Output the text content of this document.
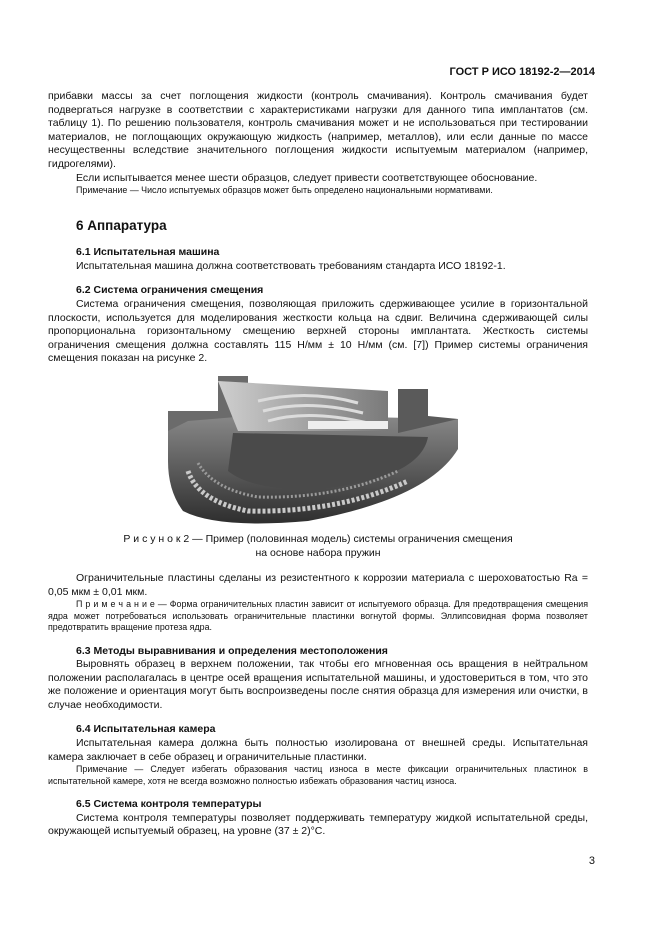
ГОСТ Р ИСО 18192-2—2014

прибавки массы за счет поглощения жидкости (контроль смачивания). Контроль смачивания будет подвергаться нагрузке в соответствии с характеристиками нагрузки для данного типа имплантатов (см. таблицу 1). По решению пользователя, контроль смачивания может и не использоваться при тестировании материалов, не поглощающих окружающую жидкость (например, металлов), или если данные по массе несущественны вследствие значительного поглощения жидкости испытуемым материалом (например, гидрогелями).

Если испытывается менее шести образцов, следует привести соответствующее обоснование.

Примечание — Число испытуемых образцов может быть определено национальными нормативами.

6 Аппаратура

6.1 Испытательная машина

Испытательная машина должна соответствовать требованиям стандарта ИСО 18192-1.

6.2 Система ограничения смещения

Система ограничения смещения, позволяющая приложить сдерживающее усилие в горизонтальной плоскости, используется для моделирования жесткости кольца на сдвиг. Величина сдерживающей силы пропорциональна горизонтальному смещению верхней стороны имплантата. Жесткость системы ограничения смещения должна составлять 115 Н/мм ± 10 Н/мм (см. [7]) Пример системы ограничения смещения показан на рисунке 2.

Р и с у н о к 2 — Пример (половинная модель) системы ограничения смещения
на основе набора пружин

Ограничительные пластины сделаны из резистентного к коррозии материала с шероховатостью Ra = 0,05 мкм ± 0,01 мкм.

П р и м е ч а н и е — Форма ограничительных пластин зависит от испытуемого образца. Для предотвращения смещения ядра может потребоваться использовать ограничительные пластинки вогнутой формы. Эллипсовидная форма позволяет предотвратить вращение протеза ядра.

6.3 Методы выравнивания и определения местоположения

Выровнять образец в верхнем положении, так чтобы его мгновенная ось вращения в нейтральном положении располагалась в центре осей вращения испытательной машины, и удостовериться в том, что это же положение и ориентация могут быть воспроизведены после снятия образца для измерения или очистки, в случае необходимости.

6.4 Испытательная камера

Испытательная камера должна быть полностью изолирована от внешней среды. Испытательная камера заключает в себе образец и ограничительные пластинки.

Примечание — Следует избегать образования частиц износа в месте фиксации ограничительных пластинок в испытательной камере, хотя не всегда возможно полностью избежать образования частиц износа.

6.5 Система контроля температуры

Система контроля температуры позволяет поддерживать температуру жидкой испытательной среды, окружающей испытуемый образец, на уровне (37 ± 2)°С.

3
